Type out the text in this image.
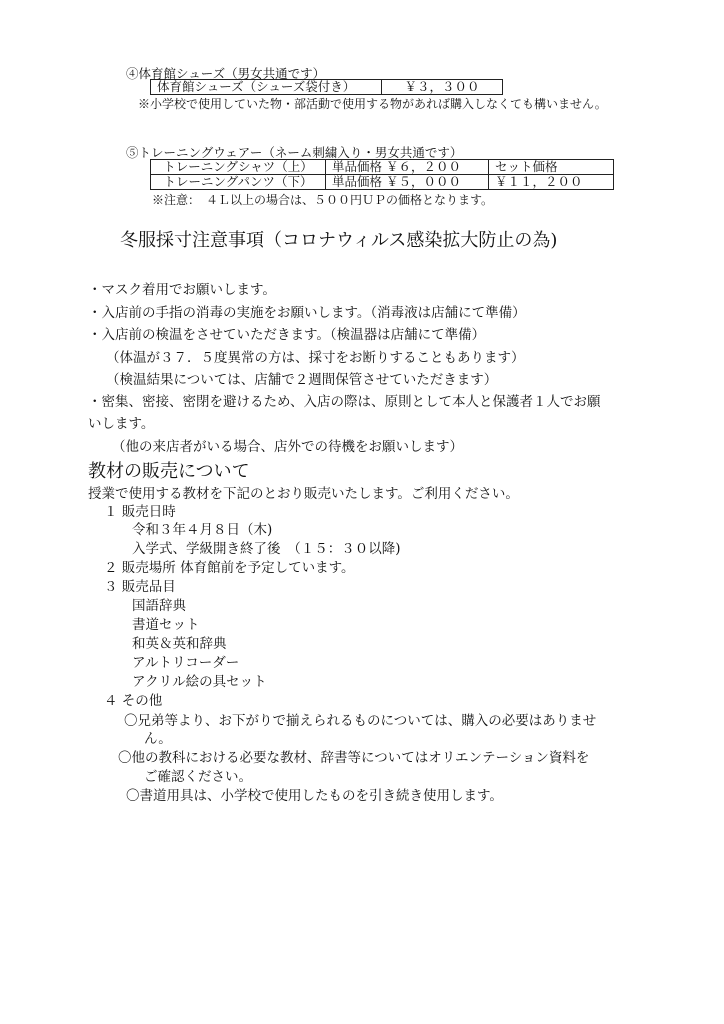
④体育館シューズ（男女共通です）
体育館シューズ（シューズ袋付き）	￥３，３００
※小学校で使用していた物・部活動で使用する物があれば購入しなくても構いません。
⑤トレーニングウェアー（ネーム刺繍入り・男女共通です）
トレーニングシャツ（上）	単品価格 ￥６，２００	セット価格
トレーニングパンツ（下）	単品価格 ￥５，０００	￥１１，２００
※注意：　４Ｌ以上の場合は、５００円ＵＰの価格となります。
冬服採寸注意事項（コロナウィルス感染拡大防止の為)
・マスク着用でお願いします。
・入店前の手指の消毒の実施をお願いします。（消毒液は店舗にて準備）
・入店前の検温をさせていただきます。（検温器は店舗にて準備）
（体温が３７．５度異常の方は、採寸をお断りすることもあります）
（検温結果については、店舗で２週間保管させていただきます）
・密集、密接、密閉を避けるため、入店の際は、原則として本人と保護者１人でお願
いします。
（他の来店者がいる場合、店外での待機をお願いします）
教材の販売について
授業で使用する教材を下記のとおり販売いたします。ご利用ください。
１ 販売日時
令和３年４月８日（木)
入学式、学級開き終了後　（１５：３０以降)
２ 販売場所 体育館前を予定しています。
３ 販売品目
国語辞典
書道セット
和英＆英和辞典
アルトリコーダー
アクリル絵の具セット
４ その他
〇兄弟等より、お下がりで揃えられるものについては、購入の必要はありませ
ん。
〇他の教科における必要な教材、辞書等についてはオリエンテーション資料を
ご確認ください。
〇書道用具は、小学校で使用したものを引き続き使用します。
